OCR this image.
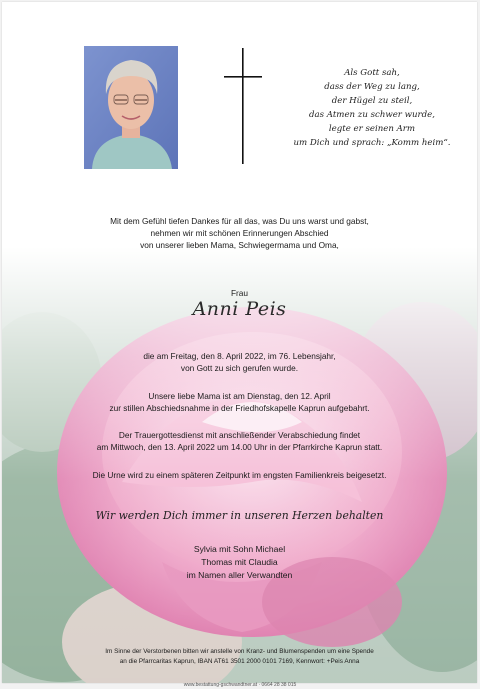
Als Gott sah,
dass der Weg zu lang,
der Hügel zu steil,
das Atmen zu schwer wurde,
legte er seinen Arm
um Dich und sprach: „Komm heim“.
Mit dem Gefühl tiefen Dankes für all das, was Du uns warst und gabst,
nehmen wir mit schönen Erinnerungen Abschied
von unserer lieben Mama, Schwiegermama und Oma,
Frau
Anni Peis
die am Freitag, den 8. April 2022, im 76. Lebensjahr,
von Gott zu sich gerufen wurde.
Unsere liebe Mama ist am Dienstag, den 12. April
zur stillen Abschiedsnahme in der Friedhofskapelle Kaprun aufgebahrt.
Der Trauergottesdienst mit anschließender Verabschiedung findet
am Mittwoch, den 13. April 2022 um 14.00 Uhr in der Pfarrkirche Kaprun statt.
Die Urne wird zu einem späteren Zeitpunkt im engsten Familienkreis beigesetzt.
Wir werden Dich immer in unseren Herzen behalten
Sylvia mit Sohn Michael
Thomas mit Claudia
im Namen aller Verwandten
Im Sinne der Verstorbenen bitten wir anstelle von Kranz- und Blumenspenden um eine Spende
an die Pfarrcaritas Kaprun, IBAN AT61 3501 2000 0101 7169, Kennwort: +Peis Anna
www.bestattung-gschwandtner.at · 0664 28 38 015
